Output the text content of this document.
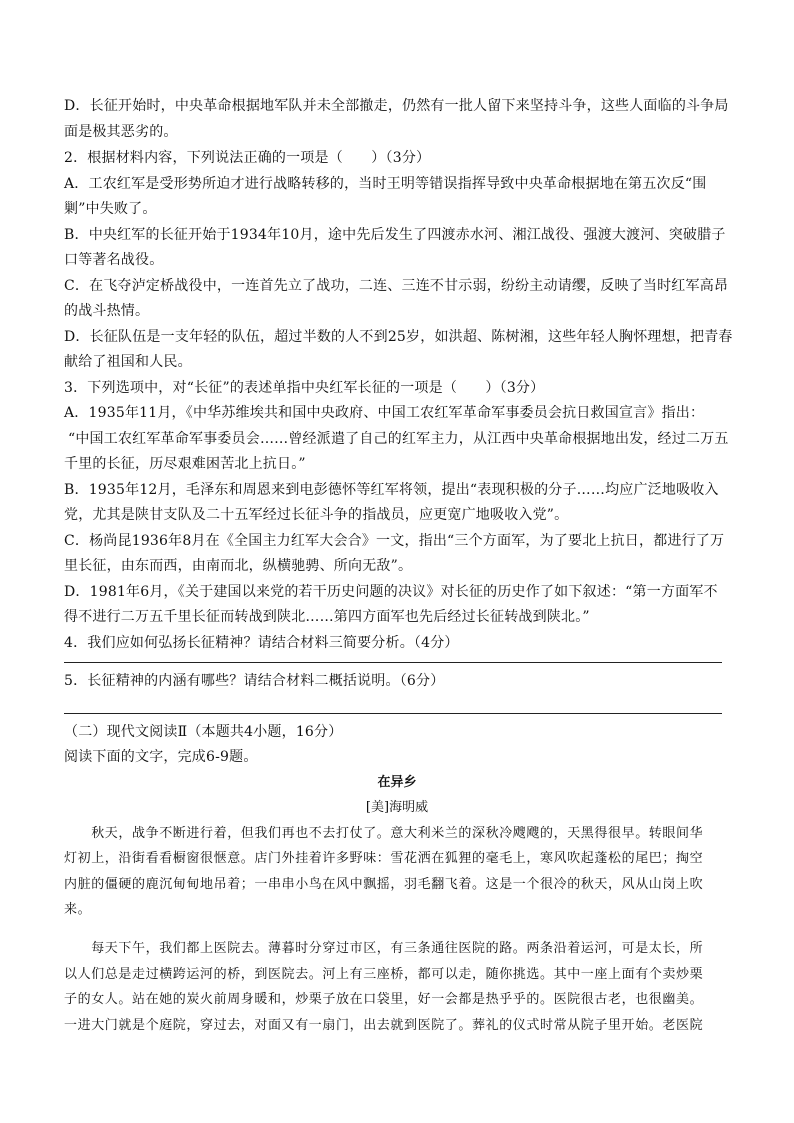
D．长征开始时，中央革命根据地军队并未全部撤走，仍然有一批人留下来坚持斗争，这些人面临的斗争局
面是极其恶劣的。
2．根据材料内容，下列说法正确的一项是（　　）（3分）
A．工农红军是受形势所迫才进行战略转移的，当时王明等错误指挥导致中央革命根据地在第五次反“围
剿”中失败了。
B．中央红军的长征开始于1934年10月，途中先后发生了四渡赤水河、湘江战役、强渡大渡河、突破腊子
口等著名战役。
C．在飞夺泸定桥战役中，一连首先立了战功，二连、三连不甘示弱，纷纷主动请缨，反映了当时红军高昂
的战斗热情。
D．长征队伍是一支年轻的队伍，超过半数的人不到25岁，如洪超、陈树湘，这些年轻人胸怀理想，把青春
献给了祖国和人民。
3．下列选项中，对“长征”的表述单指中央红军长征的一项是（　　）（3分）
A．1935年11月，《中华苏维埃共和国中央政府、中国工农红军革命军事委员会抗日救国宣言》指出：
“中国工农红军革命军事委员会……曾经派遣了自己的红军主力，从江西中央革命根据地出发，经过二万五
千里的长征，历尽艰难困苦北上抗日。”
B．1935年12月，毛泽东和周恩来到电彭德怀等红军将领，提出“表现积极的分子……均应广泛地吸收入
党，尤其是陕甘支队及二十五军经过长征斗争的指战员，应更宽广地吸收入党”。
C．杨尚昆1936年8月在《全国主力红军大会合》一文，指出“三个方面军，为了要北上抗日，都进行了万
里长征，由东而西，由南而北，纵横驰骋、所向无敌”。
D．1981年6月，《关于建国以来党的若干历史问题的决议》对长征的历史作了如下叙述：“第一方面军不
得不进行二万五千里长征而转战到陕北……第四方面军也先后经过长征转战到陕北。”
4．我们应如何弘扬长征精神？请结合材料三简要分析。（4分）
5．长征精神的内涵有哪些？请结合材料二概括说明。（6分）
（二）现代文阅读Ⅱ（本题共4小题，16分）
阅读下面的文字，完成6-9题。
在异乡
[美]海明威
　　秋天，战争不断进行着，但我们再也不去打仗了。意大利米兰的深秋冷飕飕的，天黑得很早。转眼间华
灯初上，沿街看看橱窗很惬意。店门外挂着许多野味：雪花洒在狐狸的毫毛上，寒风吹起蓬松的尾巴；掏空
内脏的僵硬的鹿沉甸甸地吊着；一串串小鸟在风中飘摇，羽毛翻飞着。这是一个很冷的秋天，风从山岗上吹
来。
　　每天下午，我们都上医院去。薄暮时分穿过市区，有三条通往医院的路。两条沿着运河，可是太长，所
以人们总是走过横跨运河的桥，到医院去。河上有三座桥，都可以走，随你挑选。其中一座上面有个卖炒栗
子的女人。站在她的炭火前周身暖和，炒栗子放在口袋里，好一会都是热乎乎的。医院很古老，也很幽美。
一进大门就是个庭院，穿过去，对面又有一扇门，出去就到医院了。葬礼的仪式时常从院子里开始。老医院
